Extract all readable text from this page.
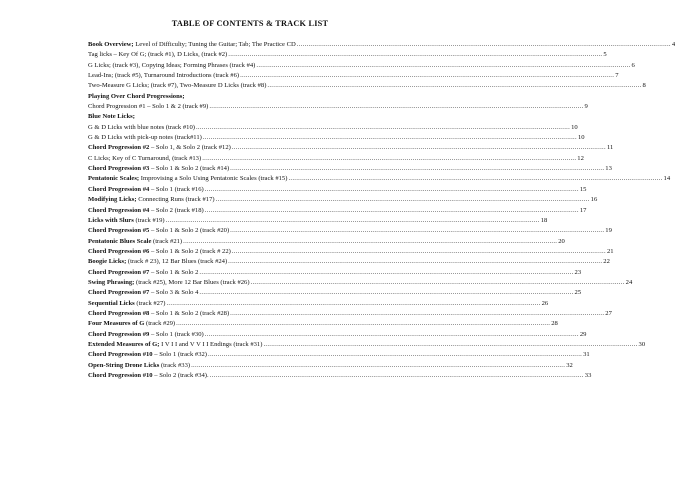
TABLE OF CONTENTS & TRACK LIST
Book Overview; Level of Difficulty; Tuning the Guitar; Tab; The Practice CD .....	4
Tag licks – Key Of G; (track #1), D Licks, (track #2) .....	5
G Licks; (track #3), Copying Ideas; Forming Phrases (track #4) .....	6
Lead-Ins; (track #5), Turnaround Introductions (track #6) .....	7
Two-Measure G Licks; (track #7), Two-Measure D Licks (track #8) .....	8
Playing Over Chord Progressions;
Chord Progression #1 – Solo 1 & 2 (track #9) .....	9
Blue Note Licks;
G & D Licks with blue notes (track #10) .....	10
G & D Licks with pick-up notes (track#11) .....	10
Chord Progression #2 – Solo 1, & Solo 2 (track #12) .....	11
C Licks; Key of C Turnaround, (track #13) .....	12
Chord Progression #3 – Solo 1 & Solo 2 (track #14) .....	13
Pentatonic Scales; Improvising a Solo Using Pentatonic Scales (track #15) .....	14
Chord Progression #4 – Solo 1 (track #16) .....	15
Modifying Licks; Connecting Runs (track #17) .....	16
Chord Progression #4 – Solo 2 (track #18) .....	17
Licks with Slurs (track #19) .....	18
Chord Progression #5 – Solo 1 & Solo 2 (track #20) .....	19
Pentatonic Blues Scale (track #21) .....	20
Chord Progression #6 – Solo 1 & Solo 2 (track # 22) .....	21
Boogie Licks; (track # 23), 12 Bar Blues (track #24) .....	22
Chord Progression #7 – Solo 1 & Solo 2 .....	23
Swing Phrasing; (track #25), More 12 Bar Blues (track #26) .....	24
Chord Progression #7 – Solo 3 & Solo 4 .....	25
Sequential Licks (track #27) .....	26
Chord Progression #8 – Solo 1 & Solo 2 (track #28) .....	27
Four Measures of G (track #29) .....	28
Chord Progression #9 – Solo 1 (track #30) .....	29
Extended Measures of G; I V I I and V V I I Endings (track #31) .....	30
Chord Progression #10 – Solo 1 (track #32) .....	31
Open-String Drone Licks (track #33) .....	32
Chord Progression #10 – Solo 2 (track #34). .....	33
